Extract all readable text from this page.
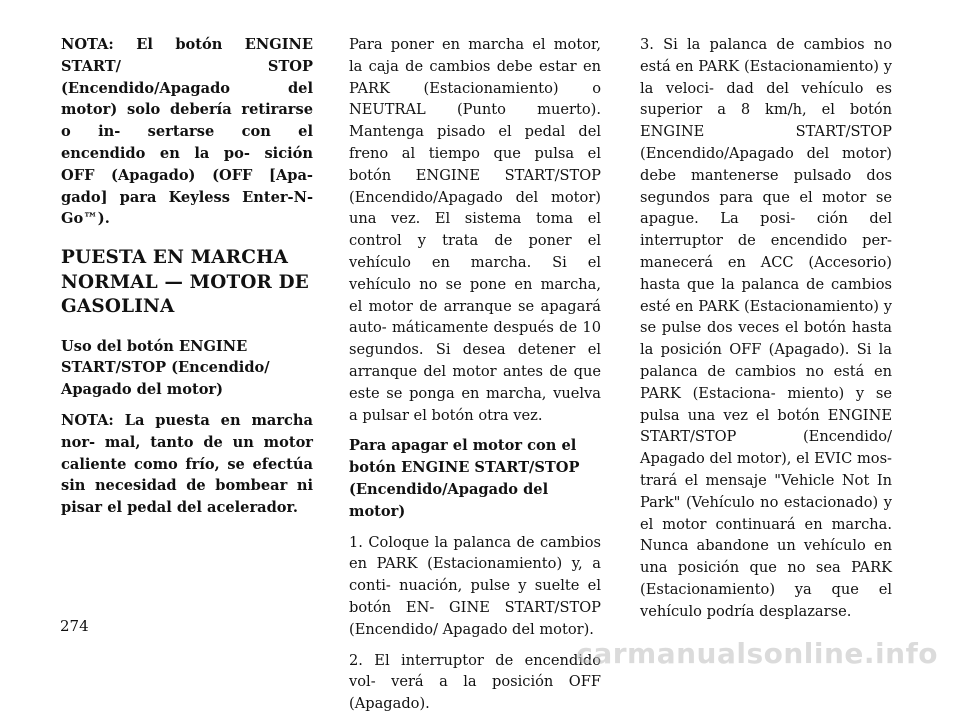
NOTA: El botón ENGINE START/ STOP (Encendido/Apagado del motor) solo debería retirarse o in- sertarse con el encendido en la po- sición OFF (Apagado) (OFF [Apa- gado] para Keyless Enter-N-Go™).

PUESTA EN MARCHA NORMAL — MOTOR DE GASOLINA

Uso del botón ENGINE START/STOP (Encendido/ Apagado del motor)

NOTA: La puesta en marcha nor- mal, tanto de un motor caliente como frío, se efectúa sin necesidad de bombear ni pisar el pedal del acelerador.

Para poner en marcha el motor, la caja de cambios debe estar en PARK (Estacionamiento) o NEUTRAL (Punto muerto). Mantenga pisado el pedal del freno al tiempo que pulsa el botón ENGINE START/STOP (Encendido/Apagado del motor) una vez. El sistema toma el control y trata de poner el vehículo en marcha. Si el vehículo no se pone en marcha, el motor de arranque se apagará auto- máticamente después de 10 segundos. Si desea detener el arranque del motor antes de que este se ponga en marcha, vuelva a pulsar el botón otra vez.

Para apagar el motor con el botón ENGINE START/STOP (Encendido/Apagado del motor)

1. Coloque la palanca de cambios en PARK (Estacionamiento) y, a conti- nuación, pulse y suelte el botón EN- GINE START/STOP (Encendido/ Apagado del motor).

2. El interruptor de encendido vol- verá a la posición OFF (Apagado).

3. Si la palanca de cambios no está en PARK (Estacionamiento) y la veloci- dad del vehículo es superior a 8 km/h, el botón ENGINE START/STOP (Encendido/Apagado del motor) debe mantenerse pulsado dos segundos para que el motor se apague. La posi- ción del interruptor de encendido per- manecerá en ACC (Accesorio) hasta que la palanca de cambios esté en PARK (Estacionamiento) y se pulse dos veces el botón hasta la posición OFF (Apagado). Si la palanca de cambios no está en PARK (Estaciona- miento) y se pulsa una vez el botón ENGINE START/STOP (Encendido/ Apagado del motor), el EVIC mos- trará el mensaje "Vehicle Not In Park" (Vehículo no estacionado) y el motor continuará en marcha. Nunca abandone un vehículo en una posición que no sea PARK (Estacionamiento) ya que el vehículo podría desplazarse.

274
carmanualsonline.info
